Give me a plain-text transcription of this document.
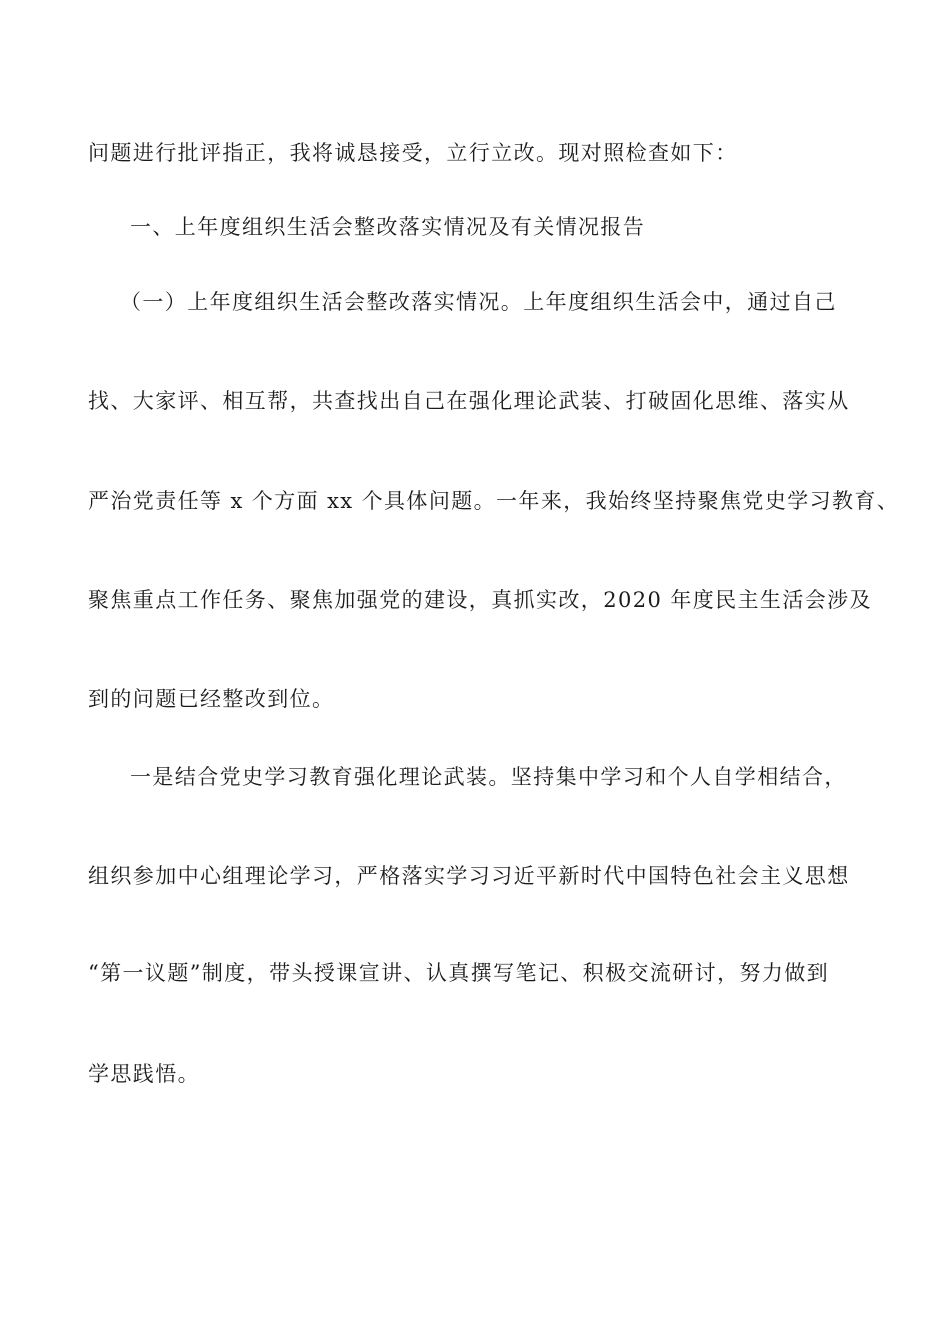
问题进行批评指正，我将诚恳接受，立行立改。现对照检查如下：
一、上年度组织生活会整改落实情况及有关情况报告
（一）上年度组织生活会整改落实情况。上年度组织生活会中，通过自己
找、大家评、相互帮，共查找出自己在强化理论武装、打破固化思维、落实从
严治党责任等 x 个方面 xx 个具体问题。一年来，我始终坚持聚焦党史学习教育、
聚焦重点工作任务、聚焦加强党的建设，真抓实改，2020 年度民主生活会涉及
到的问题已经整改到位。
一是结合党史学习教育强化理论武装。坚持集中学习和个人自学相结合，
组织参加中心组理论学习，严格落实学习习近平新时代中国特色社会主义思想
“第一议题”制度，带头授课宣讲、认真撰写笔记、积极交流研讨，努力做到
学思践悟。
